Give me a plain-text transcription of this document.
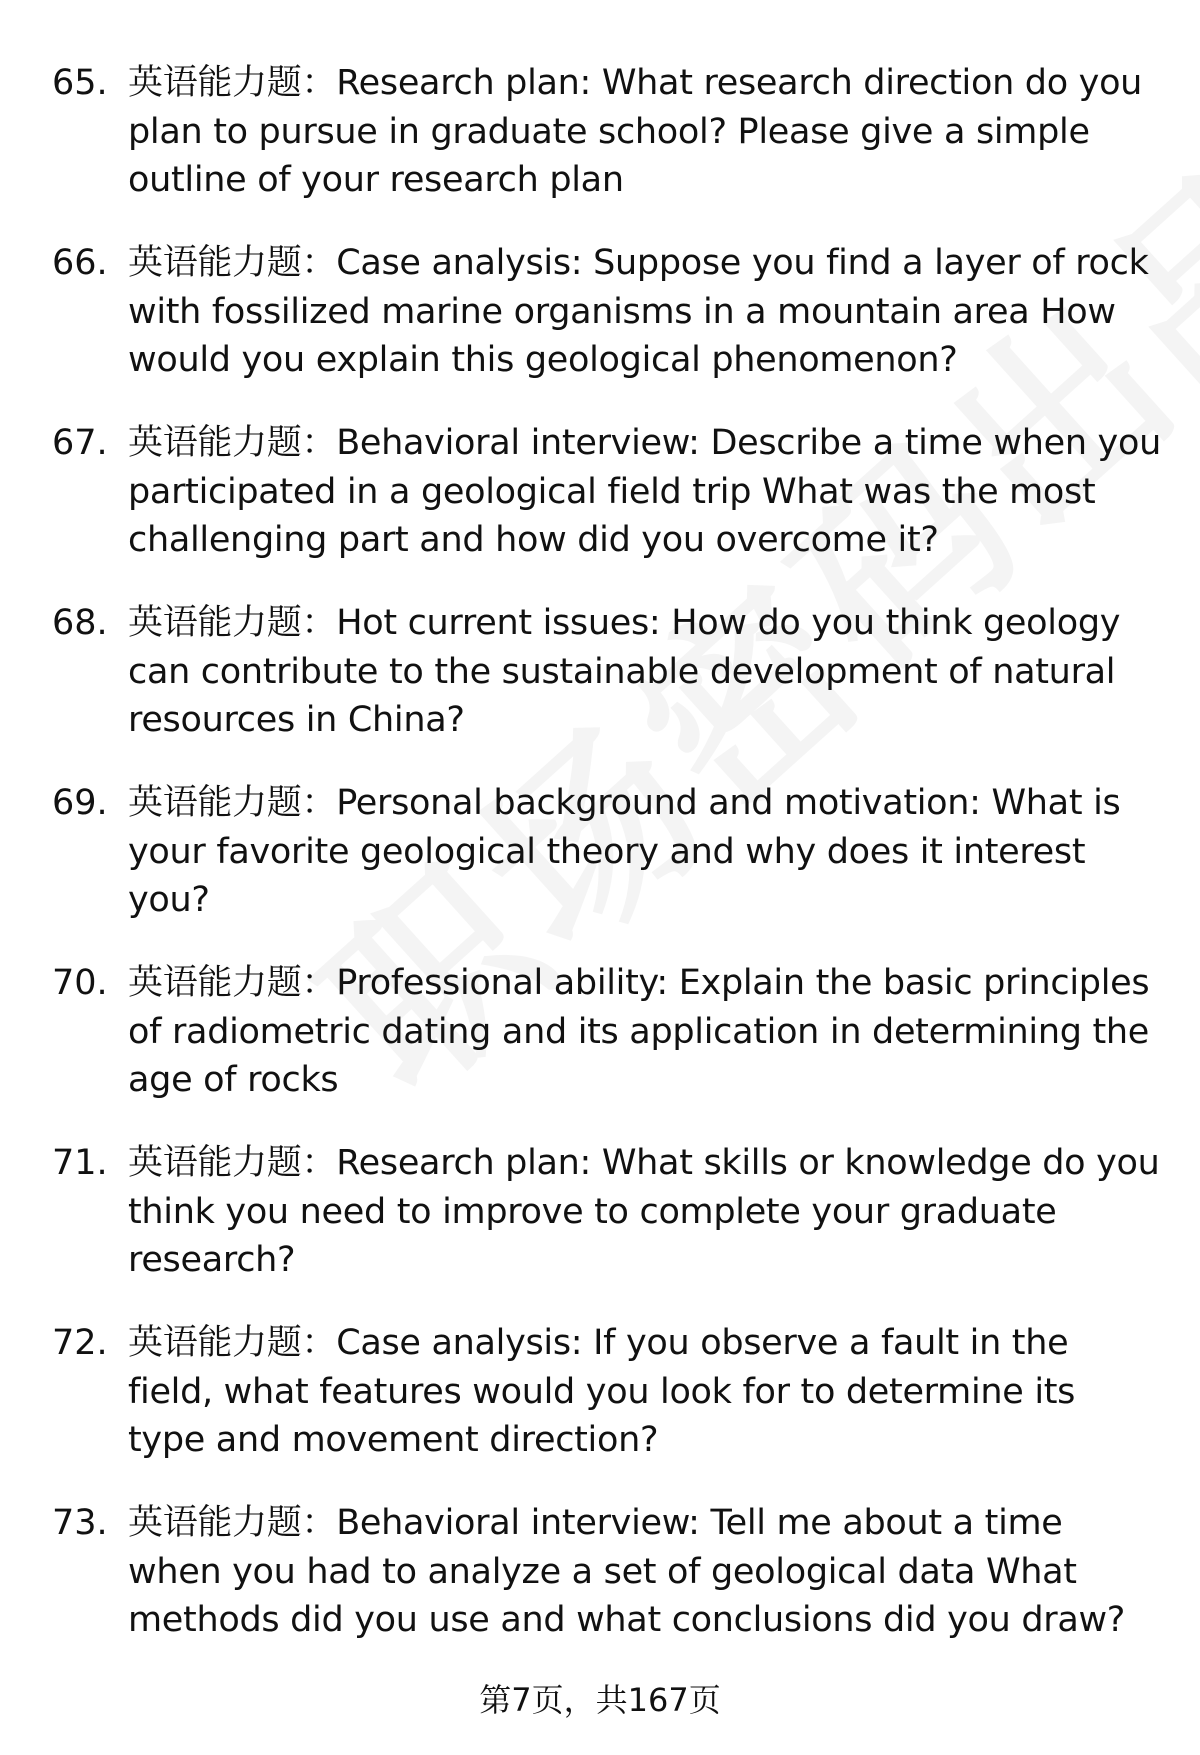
65. 英语能力题：Research plan: What research direction do you plan to pursue in graduate school? Please give a simple outline of your research plan
66. 英语能力题：Case analysis: Suppose you find a layer of rock with fossilized marine organisms in a mountain area How would you explain this geological phenomenon?
67. 英语能力题：Behavioral interview: Describe a time when you participated in a geological field trip What was the most challenging part and how did you overcome it?
68. 英语能力题：Hot current issues: How do you think geology can contribute to the sustainable development of natural resources in China?
69. 英语能力题：Personal background and motivation: What is your favorite geological theory and why does it interest you?
70. 英语能力题：Professional ability: Explain the basic principles of radiometric dating and its application in determining the age of rocks
71. 英语能力题：Research plan: What skills or knowledge do you think you need to improve to complete your graduate research?
72. 英语能力题：Case analysis: If you observe a fault in the field, what features would you look for to determine its type and movement direction?
73. 英语能力题：Behavioral interview: Tell me about a time when you had to analyze a set of geological data What methods did you use and what conclusions did you draw?
第7页，共167页
